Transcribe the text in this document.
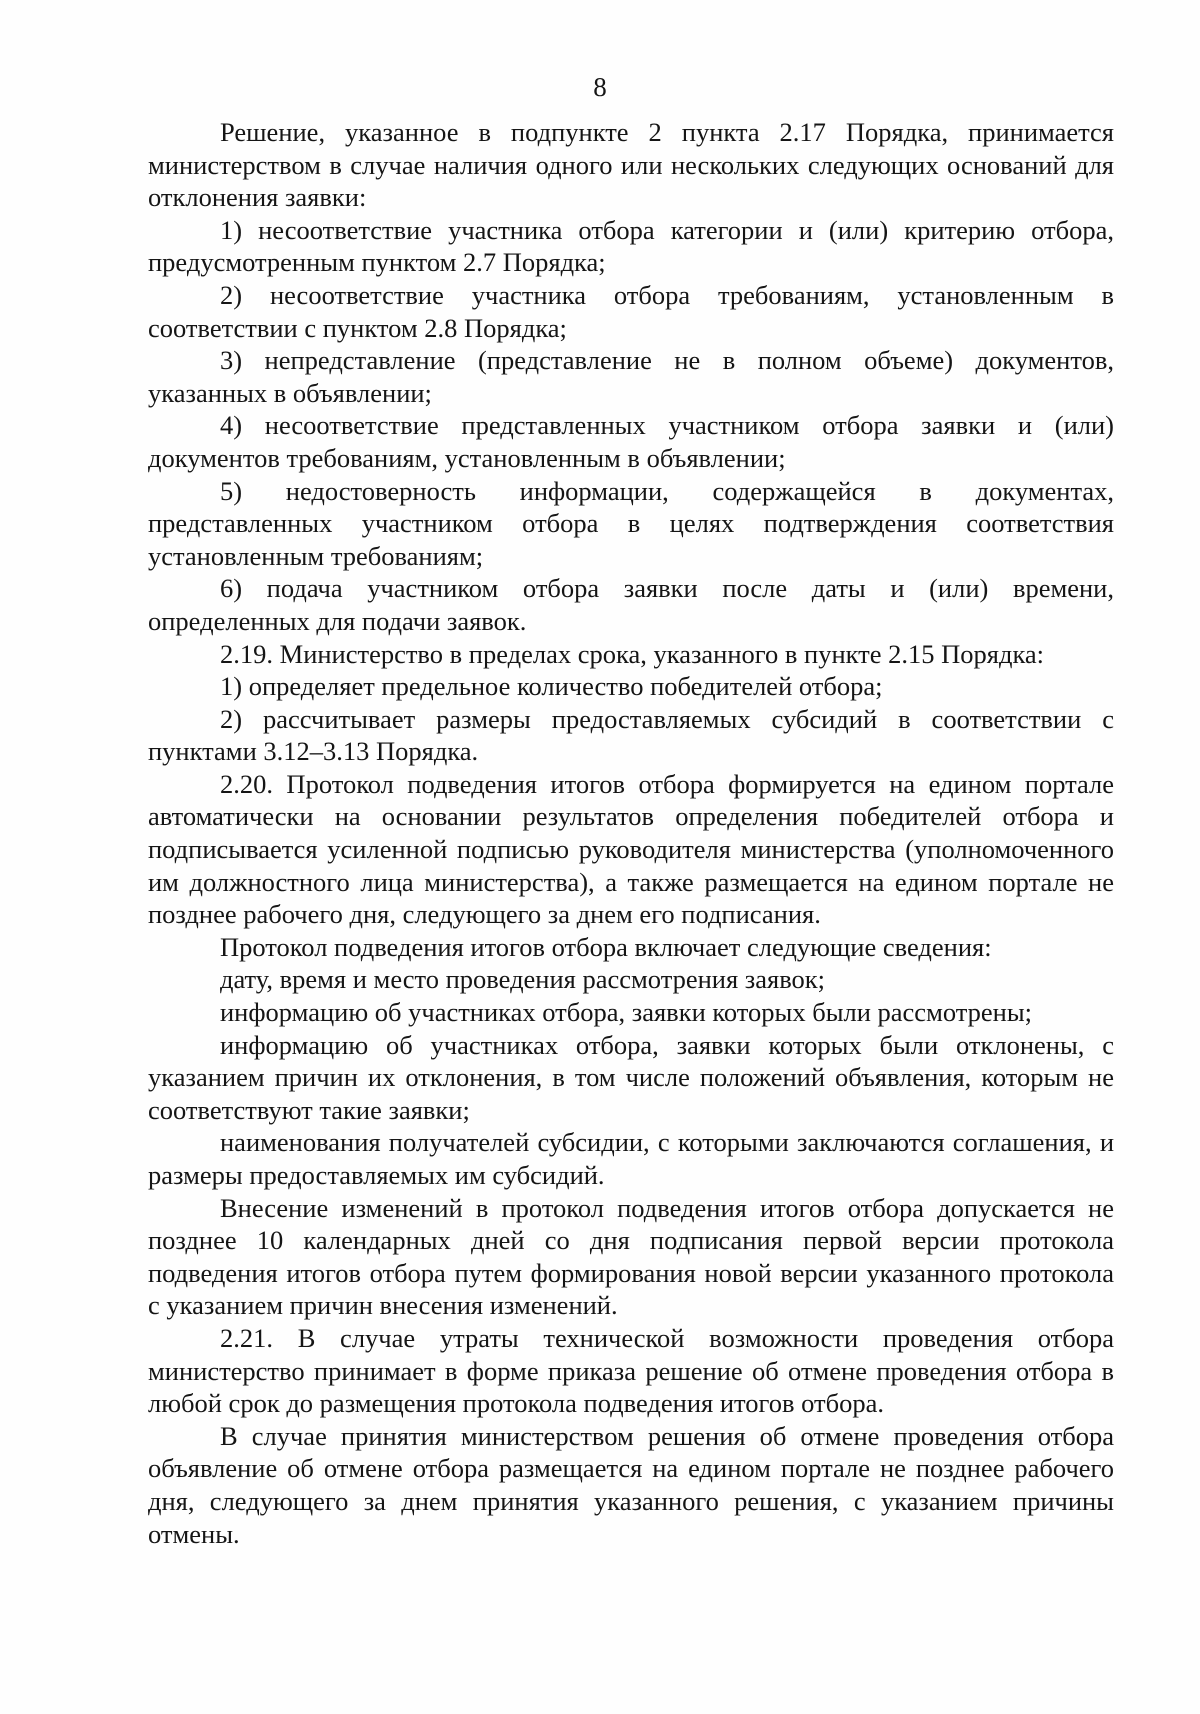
8

Решение, указанное в подпункте 2 пункта 2.17 Порядка, принимается министерством в случае наличия одного или нескольких следующих оснований для отклонения заявки:

1) несоответствие участника отбора категории и (или) критерию отбора, предусмотренным пунктом 2.7 Порядка;

2) несоответствие участника отбора требованиям, установленным в соответствии с пунктом 2.8 Порядка;

3) непредставление (представление не в полном объеме) документов, указанных в объявлении;

4) несоответствие представленных участником отбора заявки и (или) документов требованиям, установленным в объявлении;

5) недостоверность информации, содержащейся в документах, представленных участником отбора в целях подтверждения соответствия установленным требованиям;

6) подача участником отбора заявки после даты и (или) времени, определенных для подачи заявок.

2.19. Министерство в пределах срока, указанного в пункте 2.15 Порядка:

1) определяет предельное количество победителей отбора;

2) рассчитывает размеры предоставляемых субсидий в соответствии с пунктами 3.12–3.13 Порядка.

2.20. Протокол подведения итогов отбора формируется на едином портале автоматически на основании результатов определения победителей отбора и подписывается усиленной подписью руководителя министерства (уполномоченного им должностного лица министерства), а также размещается на едином портале не позднее рабочего дня, следующего за днем его подписания.

Протокол подведения итогов отбора включает следующие сведения:

дату, время и место проведения рассмотрения заявок;

информацию об участниках отбора, заявки которых были рассмотрены;

информацию об участниках отбора, заявки которых были отклонены, с указанием причин их отклонения, в том числе положений объявления, которым не соответствуют такие заявки;

наименования получателей субсидии, с которыми заключаются соглашения, и размеры предоставляемых им субсидий.

Внесение изменений в протокол подведения итогов отбора допускается не позднее 10 календарных дней со дня подписания первой версии протокола подведения итогов отбора путем формирования новой версии указанного протокола с указанием причин внесения изменений.

2.21. В случае утраты технической возможности проведения отбора министерство принимает в форме приказа решение об отмене проведения отбора в любой срок до размещения протокола подведения итогов отбора.

В случае принятия министерством решения об отмене проведения отбора объявление об отмене отбора размещается на едином портале не позднее рабочего дня, следующего за днем принятия указанного решения, с указанием причины отмены.
